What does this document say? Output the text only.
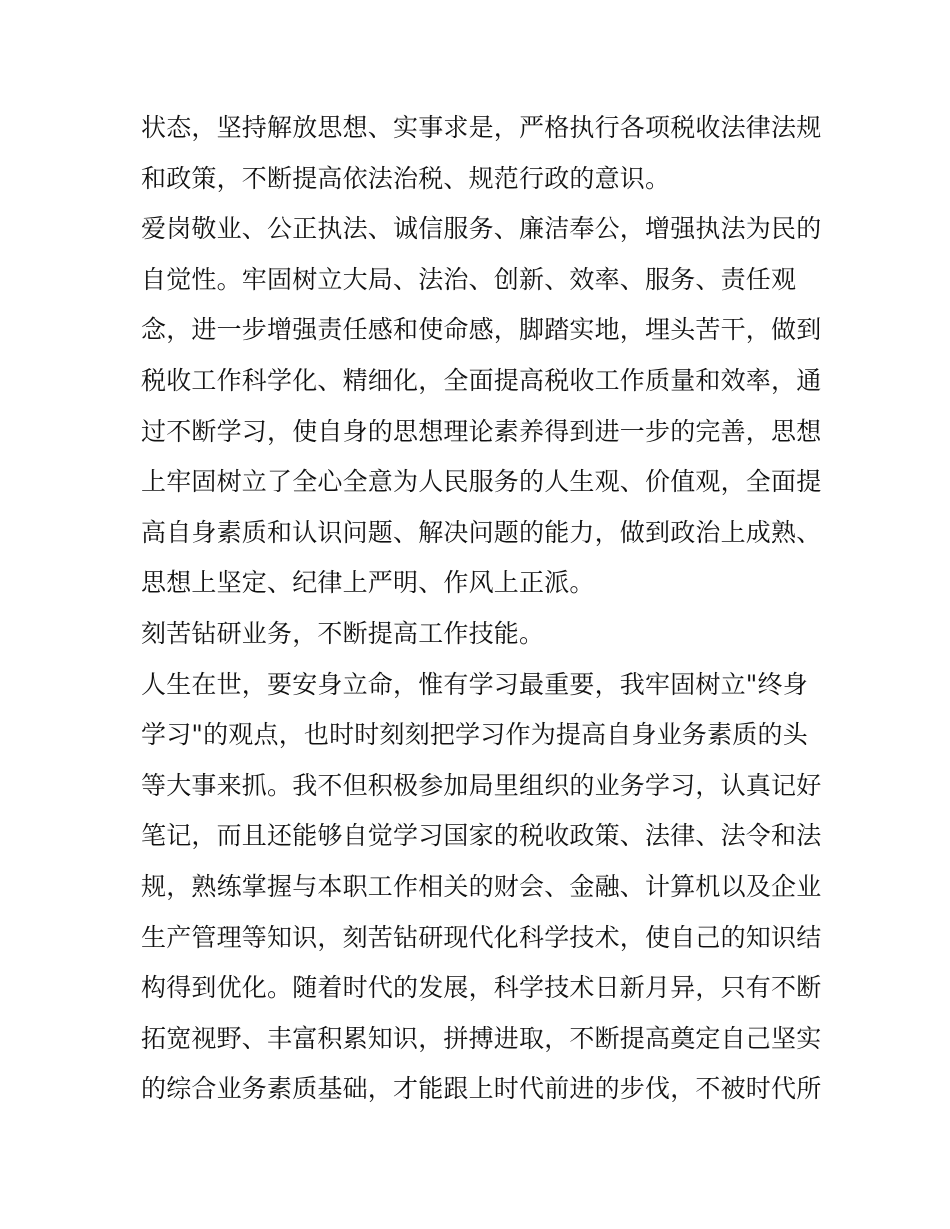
状态，坚持解放思想、实事求是，严格执行各项税收法律法规
和政策，不断提高依法治税、规范行政的意识。
爱岗敬业、公正执法、诚信服务、廉洁奉公，增强执法为民的
自觉性。牢固树立大局、法治、创新、效率、服务、责任观
念，进一步增强责任感和使命感，脚踏实地，埋头苦干，做到
税收工作科学化、精细化，全面提高税收工作质量和效率，通
过不断学习，使自身的思想理论素养得到进一步的完善，思想
上牢固树立了全心全意为人民服务的人生观、价值观，全面提
高自身素质和认识问题、解决问题的能力，做到政治上成熟、
思想上坚定、纪律上严明、作风上正派。
刻苦钻研业务，不断提高工作技能。
人生在世，要安身立命，惟有学习最重要，我牢固树立"终身
学习"的观点，也时时刻刻把学习作为提高自身业务素质的头
等大事来抓。我不但积极参加局里组织的业务学习，认真记好
笔记，而且还能够自觉学习国家的税收政策、法律、法令和法
规，熟练掌握与本职工作相关的财会、金融、计算机以及企业
生产管理等知识，刻苦钻研现代化科学技术，使自己的知识结
构得到优化。随着时代的发展，科学技术日新月异，只有不断
拓宽视野、丰富积累知识，拼搏进取，不断提高奠定自己坚实
的综合业务素质基础，才能跟上时代前进的步伐，不被时代所
